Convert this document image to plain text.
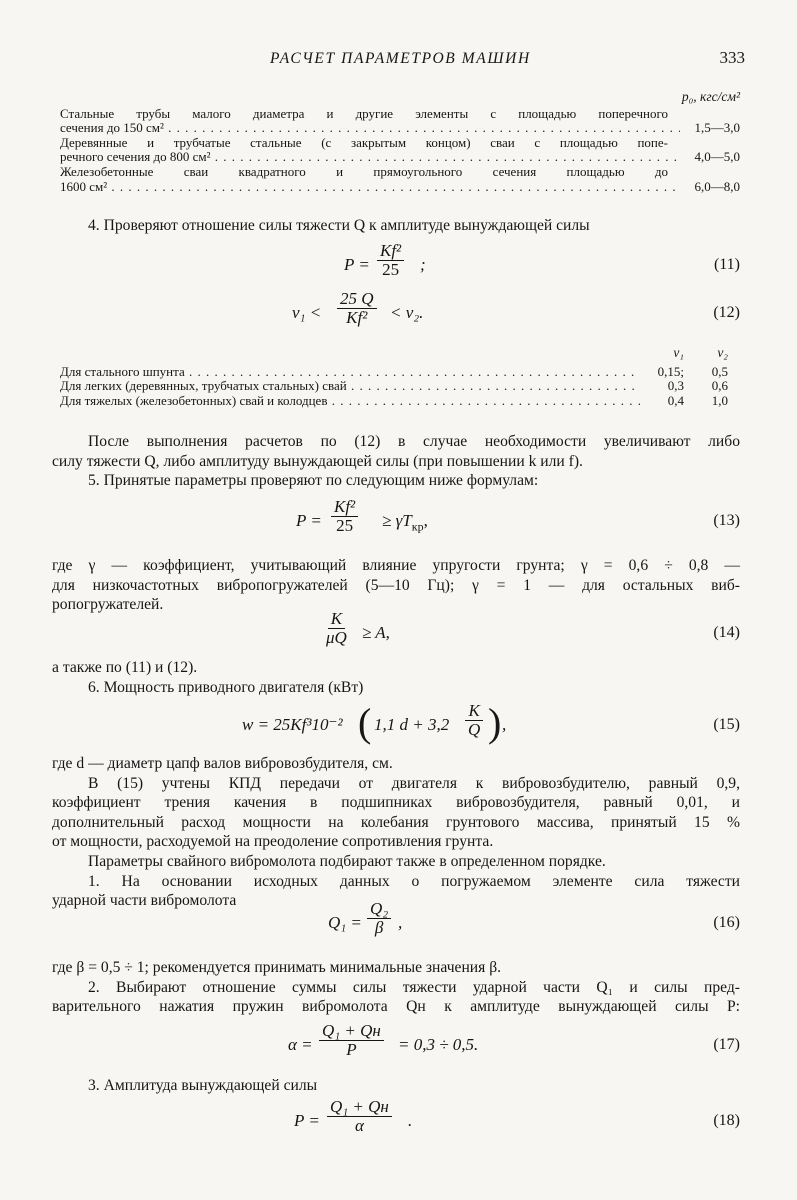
РАСЧЕТ ПАРАМЕТРОВ МАШИН	333
p₀, кгс/см²
Стальные трубы малого диаметра и другие элементы с площадью поперечного
сечения до 150 см² . . .	1,5—3,0
Деревянные и трубчатые стальные (с закрытым концом) сваи с площадью попе-
речного сечения до 800 см² . . .	4,0—5,0
Железобетонные сваи квадратного и прямоугольного сечения площадью до
1600 см² . . .	6,0—8,0
4. Проверяют отношение силы тяжести Q к амплитуде вынуждающей силы
$P = \frac{\text{Kf²}}{25}$ ;	(11)
$\nu_1 < \frac{25 Q}{\text{Kf²}} < \nu_2$.	(12)
ν₁	ν₂
Для стального шпунта . . .	0,15;	0,5
Для легких (деревянных, трубчатых стальных) свай . . .	0,3	0,6
Для тяжелых (железобетонных) свай и колодцев . . .	0,4	1,0
После выполнения расчетов по (12) в случае необходимости увеличивают либо
силу тяжести Q, либо амплитуду вынуждающей силы (при повышении k или f).
5. Принятые параметры проверяют по следующим ниже формулам:
$P = \frac{\text{Kf²}}{25} \ge \gamma T_{кр}$,	(13)
где γ — коэффициент, учитывающий влияние упругости грунта; γ = 0,6 ÷ 0,8 —
для низкочастотных вибропогружателей (5—10 Гц); γ = 1 — для остальных виб-
ропогружателей.
$\frac{K}{\mu Q} \ge A$,	(14)
а также по (11) и (12).
6. Мощность приводного двигателя (кВт)
w = 25Kf³10⁻² ( 1,1 $d + 3,2 \frac{K}{Q}$ ) ,	(15)
где d — диаметр цапф валов вибровозбудителя, см.
В (15) учтены КПД передачи от двигателя к вибровозбудителю, равный 0,9,
коэффициент трения качения в подшипниках вибровозбудителя, равный 0,01, и
дополнительный расход мощности на колебания грунтового массива, принятый 15 %
от мощности, расходуемой на преодоление сопротивления грунта.
Параметры свайного вибромолота подбирают также в определенном порядке.
1. На основании исходных данных о погружаемом элементе сила тяжести
ударной части вибромолота
$Q_1 = \frac{\text{Q₂}}{\beta}$ ,	(16)
где β = 0,5 ÷ 1; рекомендуется принимать минимальные значения β.
2. Выбирают отношение суммы силы тяжести ударной части Q₁ и силы пред-
варительного нажатия пружин вибромолота Qн к амплитуде вынуждающей силы P:
$\alpha = \frac{\text{Q₁ + Qн}}{P} = 0,3 \div 0,5$.	(17)
3. Амплитуда вынуждающей силы
$P = \frac{\text{Q₁ + Qн}}{\alpha}$ .	(18)
